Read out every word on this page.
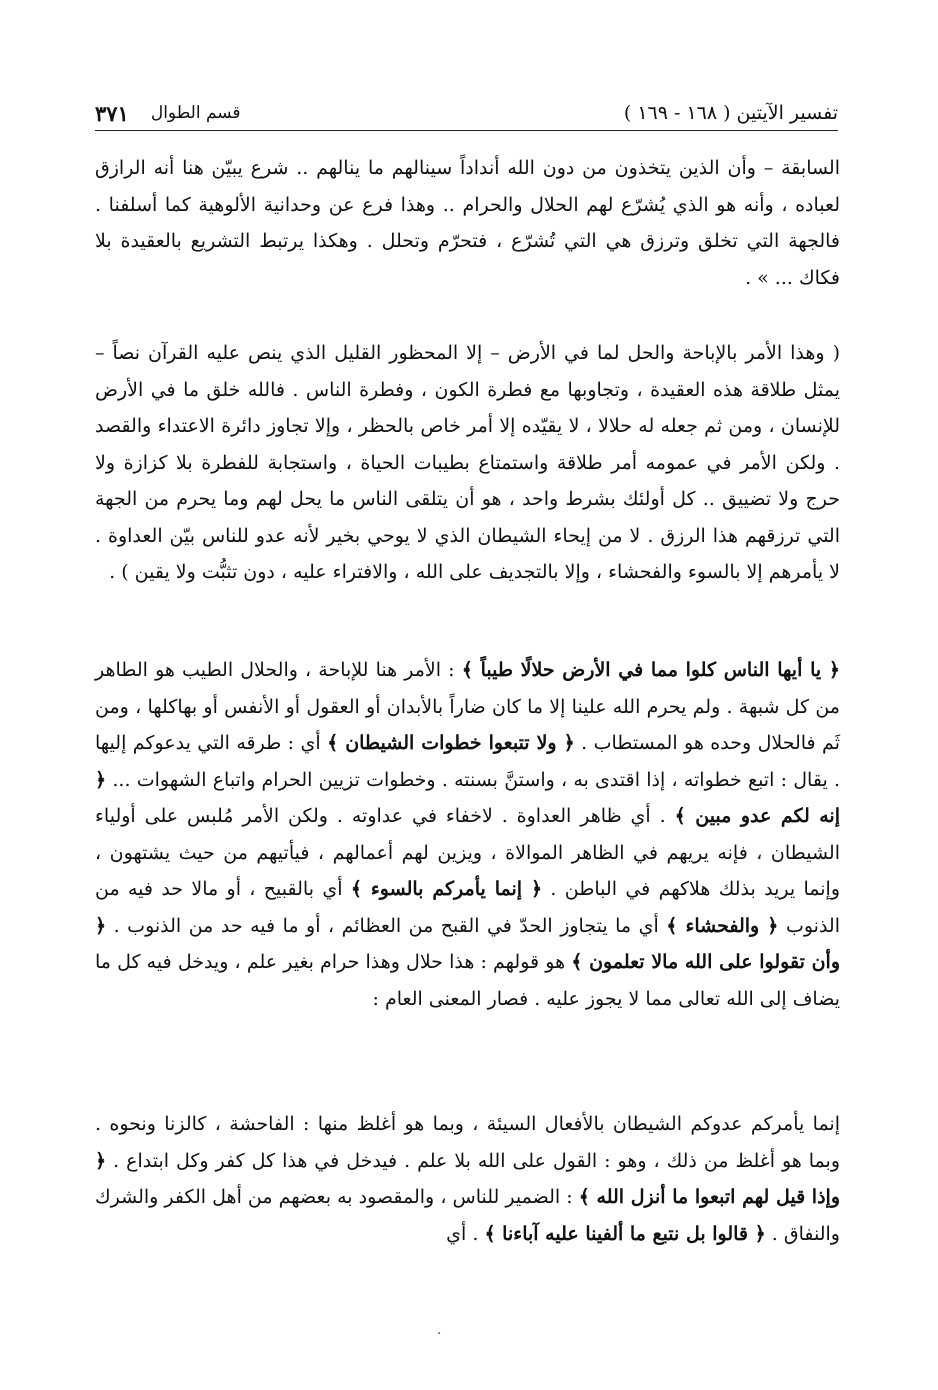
تفسير الآيتين ( ١٦٨ - ١٦٩ )
قسم الطوال
٣٧١

السابقة – وأن الذين يتخذون من دون الله أنداداً سينالهم ما ينالهم .. شرع يبيّن هنا أنه الرازق لعباده ، وأنه هو الذي يُشرّع لهم الحلال والحرام .. وهذا فرع عن وحدانية الألوهية كما أسلفنا . فالجهة التي تخلق وترزق هي التي تُشرّع ، فتحرّم وتحلل . وهكذا يرتبط التشريع بالعقيدة بلا فكاك ... » .

( وهذا الأمر بالإباحة والحل لما في الأرض – إلا المحظور القليل الذي ينص عليه القرآن نصاً – يمثل طلاقة هذه العقيدة ، وتجاوبها مع فطرة الكون ، وفطرة الناس . فالله خلق ما في الأرض للإنسان ، ومن ثم جعله له حلالا ، لا يقيّده إلا أمر خاص بالحظر ، وإلا تجاوز دائرة الاعتداء والقصد . ولكن الأمر في عمومه أمر طلاقة واستمتاع بطيبات الحياة ، واستجابة للفطرة بلا كزازة ولا حرج ولا تضييق .. كل أولئك بشرط واحد ، هو أن يتلقى الناس ما يحل لهم وما يحرم من الجهة التي ترزقهم هذا الرزق . لا من إيحاء الشيطان الذي لا يوحي بخير لأنه عدو للناس بيّن العداوة . لا يأمرهم إلا بالسوء والفحشاء ، وإلا بالتجديف على الله ، والافتراء عليه ، دون تثبُّت ولا يقين ) .

﴿ يا أيها الناس كلوا مما في الأرض حلالًا طيباً ﴾ : الأمر هنا للإباحة ، والحلال الطيب هو الطاهر من كل شبهة . ولم يحرم الله علينا إلا ما كان ضاراً بالأبدان أو العقول أو الأنفس أو بهاكلها ، ومن ثَم فالحلال وحده هو المستطاب . ﴿ ولا تتبعوا خطوات الشيطان ﴾ أي : طرقه التي يدعوكم إليها . يقال : اتبع خطواته ، إذا اقتدى به ، واستنَّ بسنته . وخطوات تزيين الحرام واتباع الشهوات ... ﴿ إنه لكم عدو مبين ﴾ . أي ظاهر العداوة . لاخفاء في عداوته . ولكن الأمر مُلبس على أولياء الشيطان ، فإنه يريهم في الظاهر الموالاة ، ويزين لهم أعمالهم ، فيأتيهم من حيث يشتهون ، وإنما يريد بذلك هلاكهم في الباطن . ﴿ إنما يأمركم بالسوء ﴾ أي بالقبيح ، أو مالا حد فيه من الذنوب ﴿ والفحشاء ﴾ أي ما يتجاوز الحدّ في القبح من العظائم ، أو ما فيه حد من الذنوب . ﴿ وأن تقولوا على الله مالا تعلمون ﴾ هو قولهم : هذا حلال وهذا حرام بغير علم ، ويدخل فيه كل ما يضاف إلى الله تعالى مما لا يجوز عليه . فصار المعنى العام :

إنما يأمركم عدوكم الشيطان بالأفعال السيئة ، وبما هو أغلظ منها : الفاحشة ، كالزنا ونحوه . وبما هو أغلظ من ذلك ، وهو : القول على الله بلا علم . فيدخل في هذا كل كفر وكل ابتداع . ﴿ وإذا قيل لهم اتبعوا ما أنزل الله ﴾ : الضمير للناس ، والمقصود به بعضهم من أهل الكفر والشرك والنفاق . ﴿ قالوا بل نتبع ما ألفينا عليه آباءنا ﴾ . أي

.
